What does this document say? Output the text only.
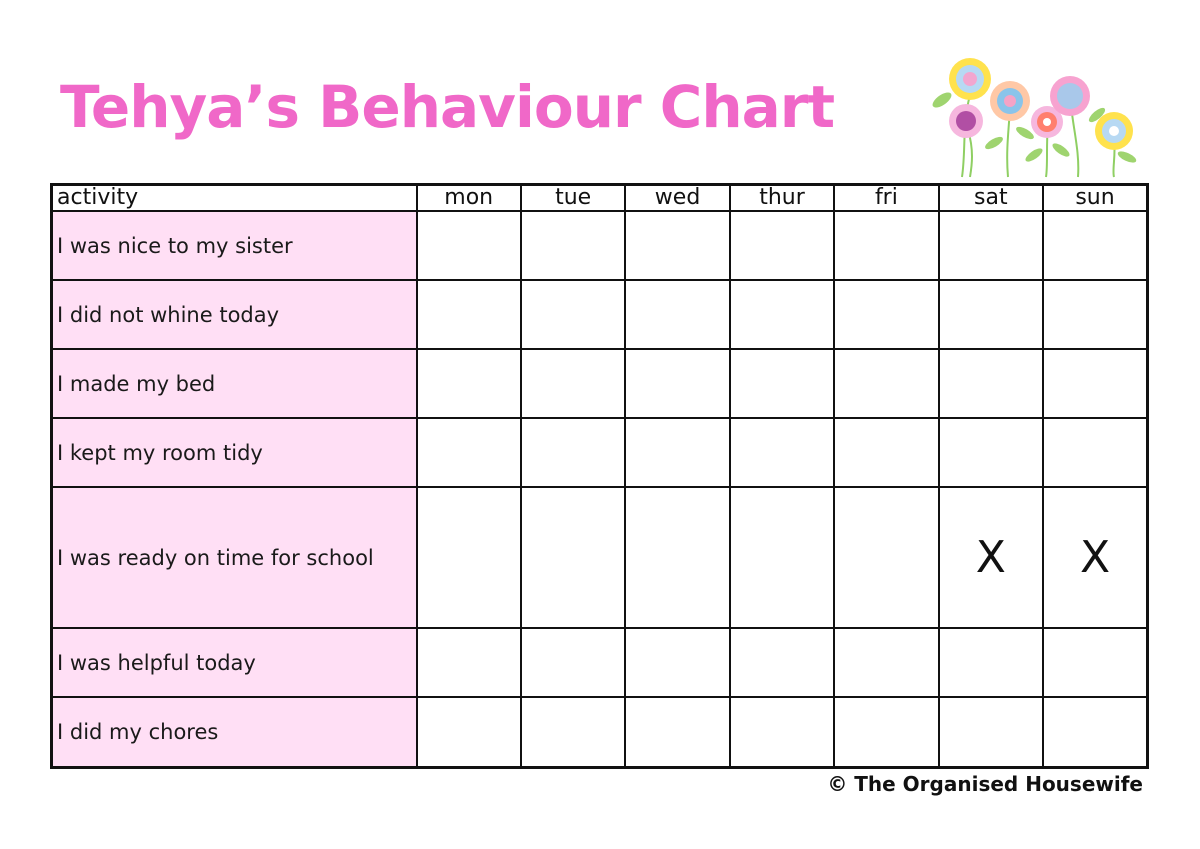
Tehya’s Behaviour Chart
activity	mon	tue	wed	thur	fri	sat	sun
I was nice to my sister							
I did not whine today							
I made my bed							
I kept my room tidy							
I was ready on time for school						X	X
I was helpful today							
I did my chores							
© The Organised Housewife
